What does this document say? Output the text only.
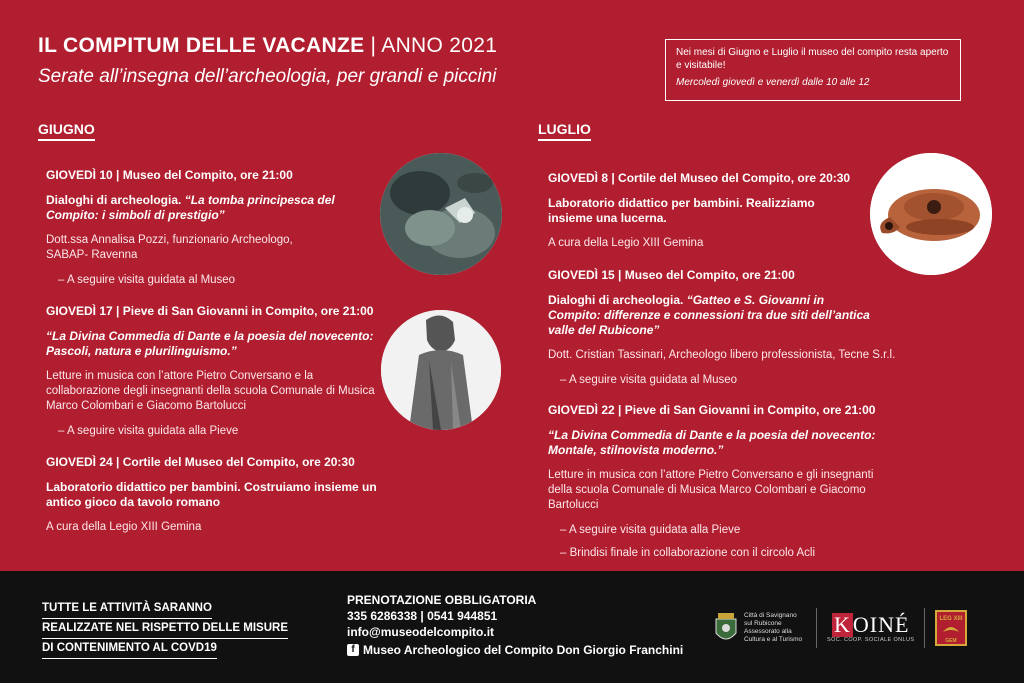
IL COMPITUM DELLE VACANZE | ANNO 2021
Serate all’insegna dell’archeologia, per grandi e piccini
Nei mesi di Giugno e Luglio il museo del compito resta aperto e visitabile!
Mercoledì giovedì e venerdì dalle 10 alle 12
GIUGNO
GIOVEDÌ 10 | Museo del Compito, ore 21:00
Dialoghi di archeologia. “La tomba principesca del Compito: i simboli di prestigio”
Dott.ssa Annalisa Pozzi, funzionario Archeologo, SABAP- Ravenna
– A seguire visita guidata al Museo
GIOVEDÌ 17 | Pieve di San Giovanni in Compito, ore 21:00
“La Divina Commedia di Dante e la poesia del novecento: Pascoli, natura e plurilinguismo.”
Letture in musica con l’attore Pietro Conversano e la collaborazione degli insegnanti della scuola Comunale di Musica Marco Colombari e Giacomo Bartolucci
– A seguire visita guidata alla Pieve
GIOVEDÌ 24 | Cortile del Museo del Compito, ore 20:30
Laboratorio didattico per bambini. Costruiamo insieme un antico gioco da tavolo romano
A cura della Legio XIII Gemina
LUGLIO
GIOVEDÌ 8 | Cortile del Museo del Compito, ore 20:30
Laboratorio didattico per bambini. Realizziamo insieme una lucerna.
A cura della Legio XIII Gemina
GIOVEDÌ 15 | Museo del Compito, ore 21:00
Dialoghi di archeologia. “Gatteo e S. Giovanni in Compito: differenze e connessioni tra due siti dell’antica valle del Rubicone”
Dott. Cristian Tassinari, Archeologo libero professionista, Tecne S.r.l.
– A seguire visita guidata al Museo
GIOVEDÌ 22 | Pieve di San Giovanni in Compito, ore 21:00
“La Divina Commedia di Dante e la poesia del novecento: Montale, stilnovista moderno.”
Letture in musica con l’attore Pietro Conversano e gli insegnanti della scuola Comunale di Musica Marco Colombari e Giacomo Bartolucci
– A seguire visita guidata alla Pieve
– Brindisi finale in collaborazione con il circolo Acli
TUTTE LE ATTIVITÀ SARANNO
REALIZZATE NEL RISPETTO DELLE MISURE
DI CONTENIMENTO AL COVD19
PRENOTAZIONE OBBLIGATORIA
335 6286338 | 0541 944851
info@museodelcompito.it
f Museo Archeologico del Compito Don Giorgio Franchini
Città di Savignano sul Rubicone Assessorato alla Cultura e al Turismo
KOINÉ
SOC. COOP. SOCIALE ONLUS
LEG XIII
GEM
